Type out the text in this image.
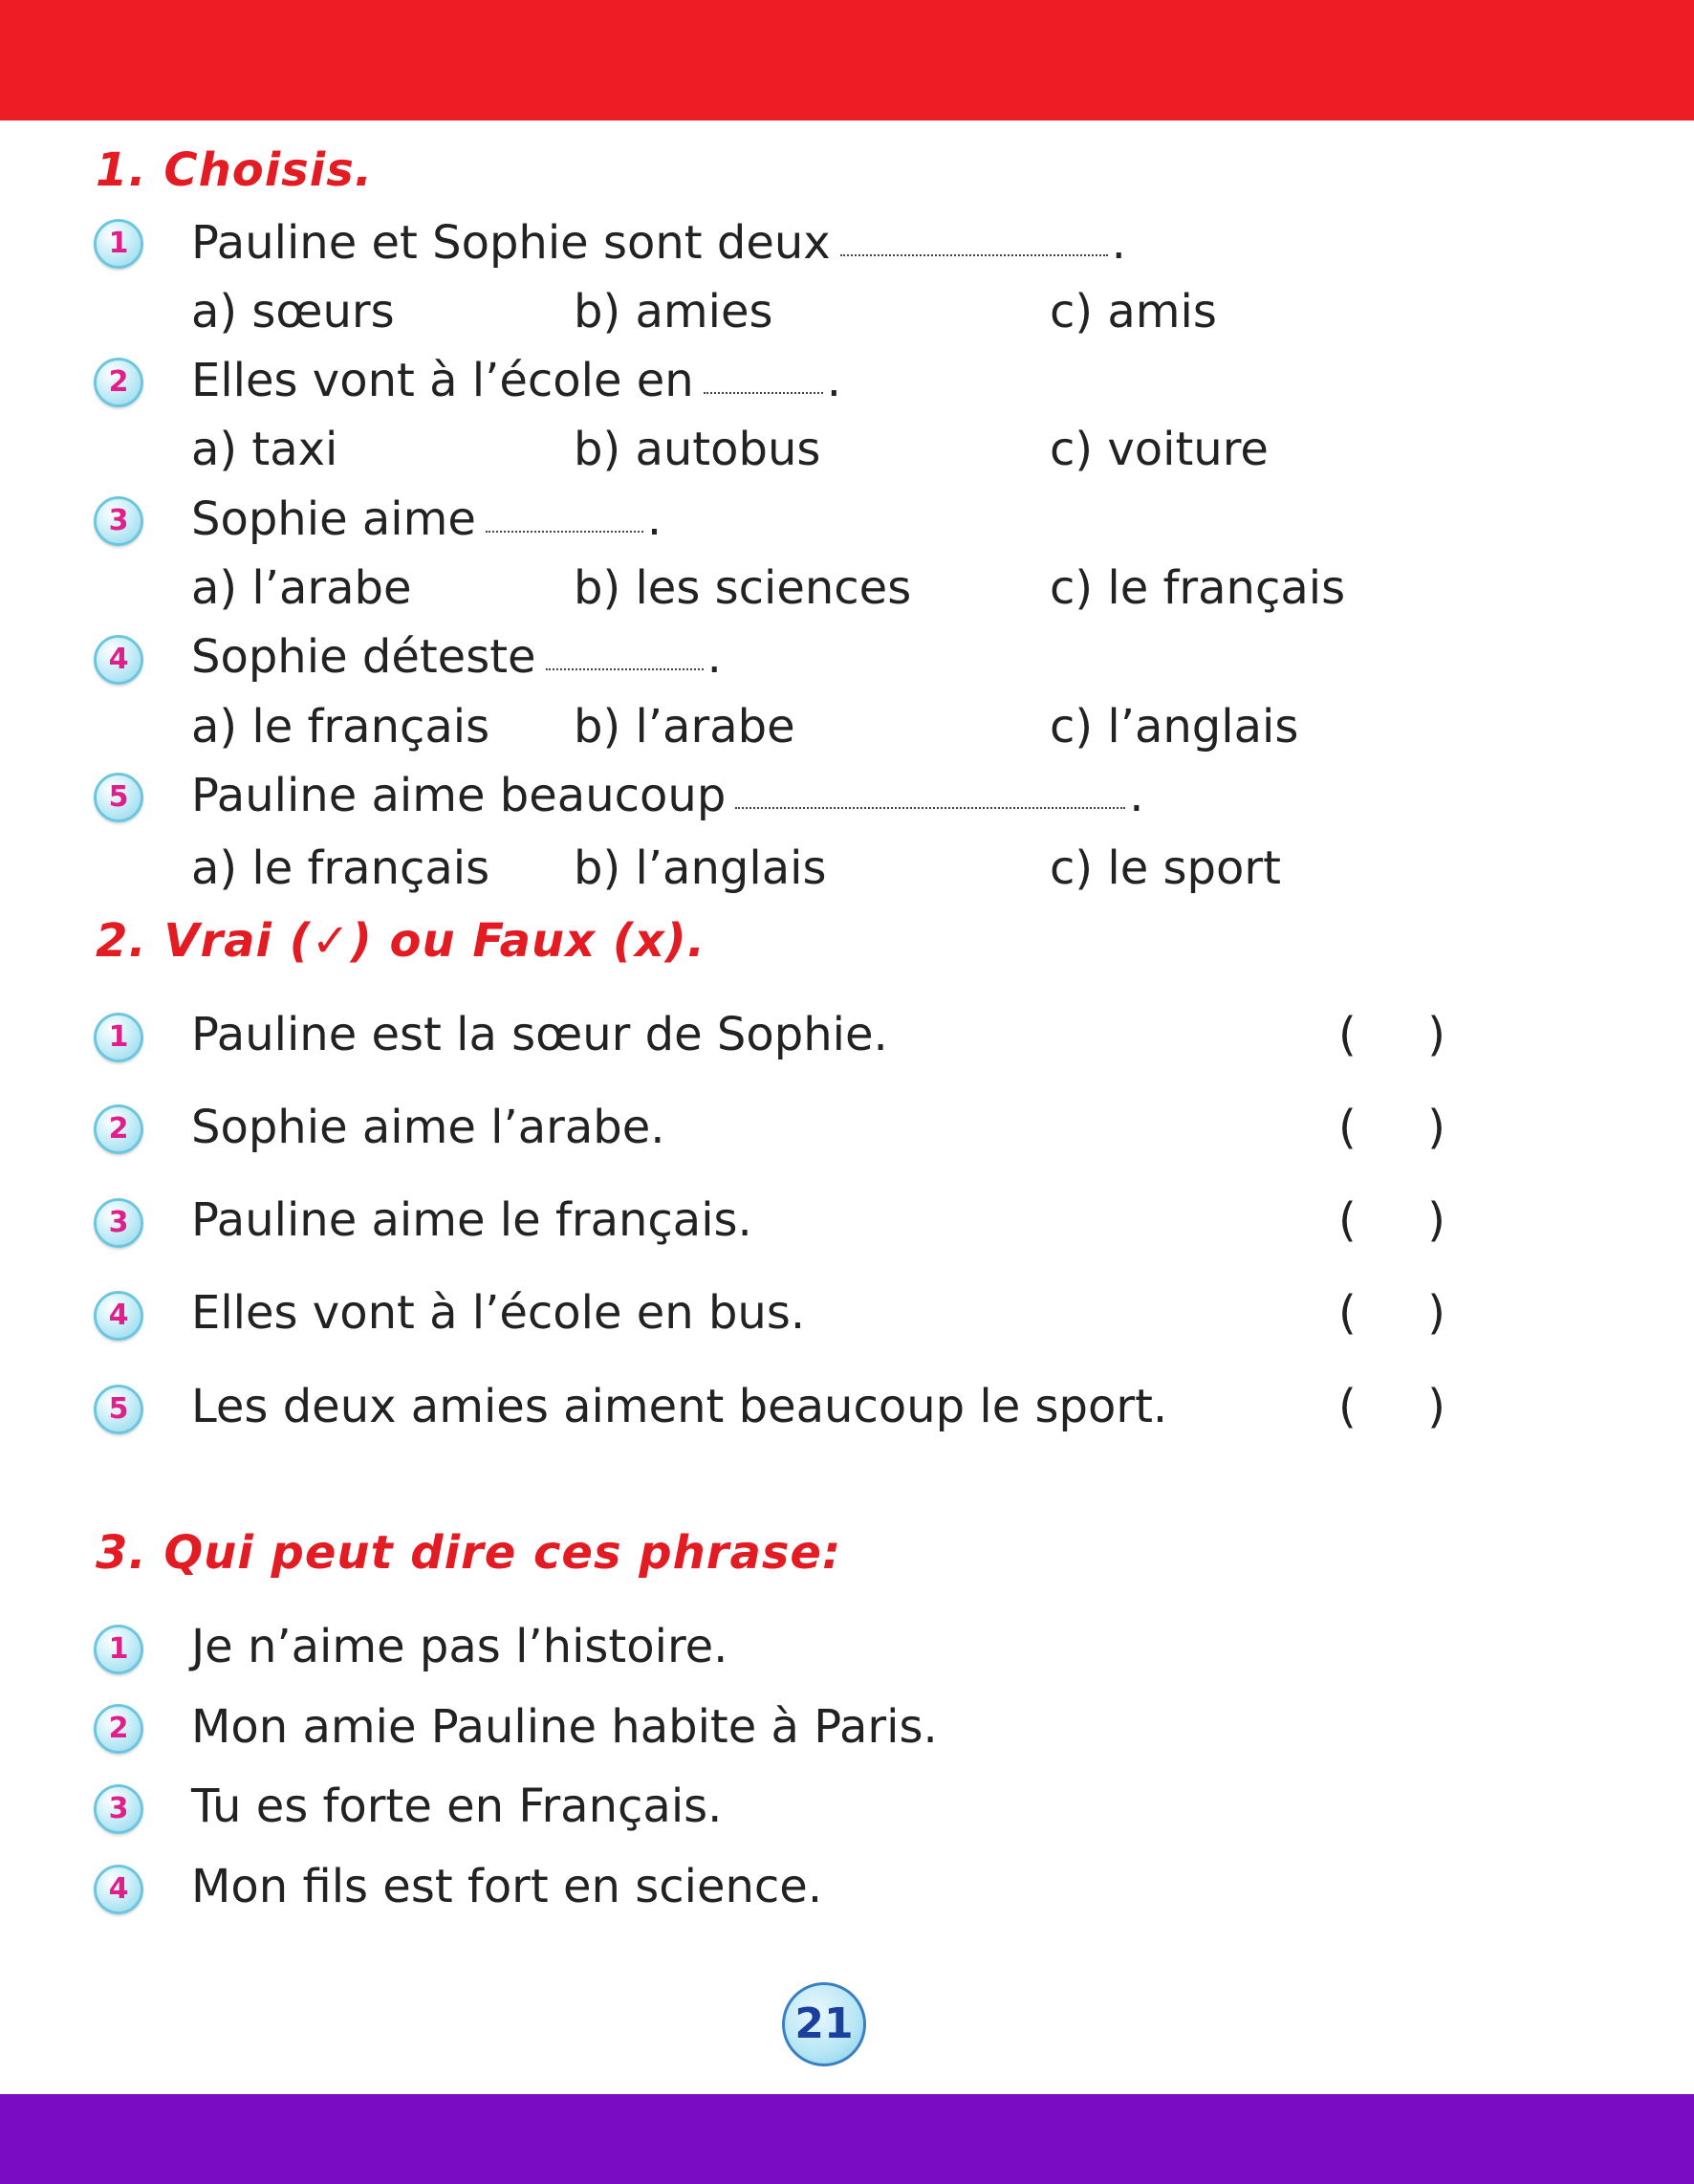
1. Choisis.
1	Pauline et Sophie sont deux	.
a) sœurs	b) amies	c) amis
2	Elles vont à l’école en	.
a) taxi	b) autobus	c) voiture
3	Sophie aime	.
a) l’arabe	b) les sciences	c) le français
4	Sophie déteste	.
a) le français b) l’arabe	c) l’anglais
5	Pauline aime beaucoup	.
a) le français b) l’anglais	c) le sport
2. Vrai (✓) ou Faux (x).
1	Pauline est la sœur de Sophie.	( )
2	Sophie aime l’arabe.	( )
3	Pauline aime le français.	( )
4	Elles vont à l’école en bus.	( )
5	Les deux amies aiment beaucoup le sport.	( )
3. Qui peut dire ces phrase:
1	Je n’aime pas l’histoire.
2	Mon amie Pauline habite à Paris.
3	Tu es forte en Français.
4	Mon fils est fort en science.
21
